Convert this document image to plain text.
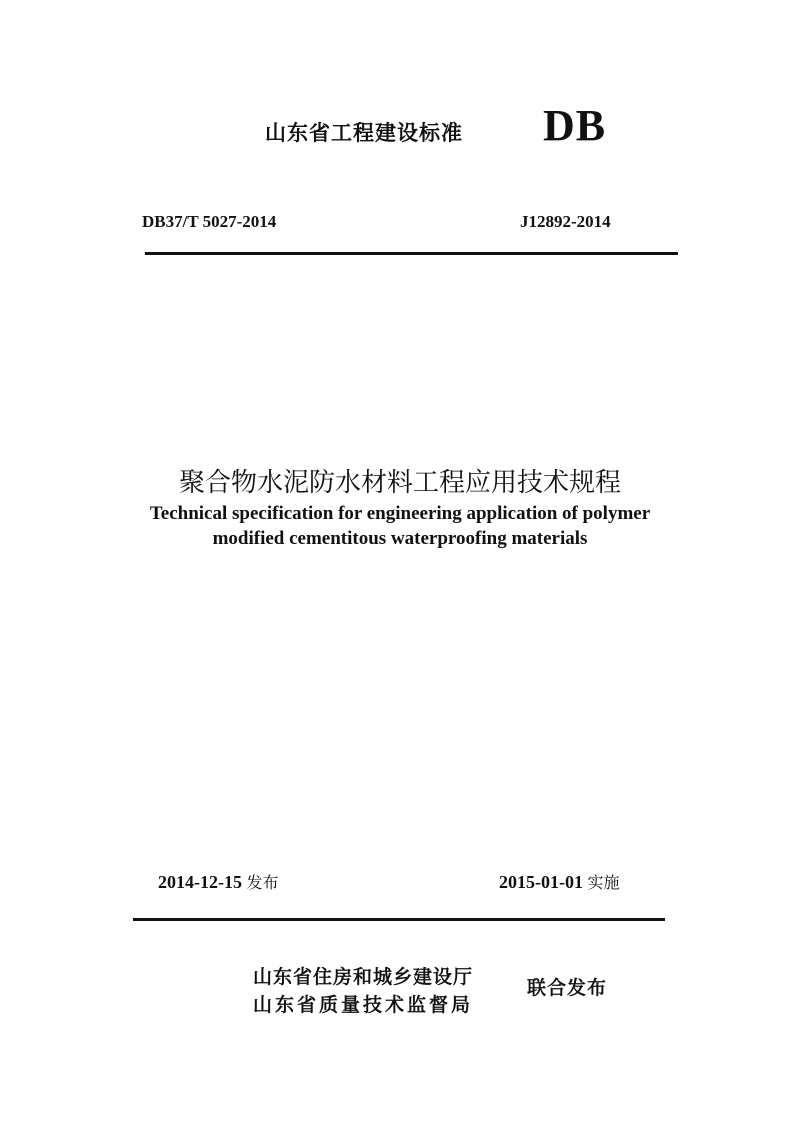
山东省工程建设标准 DB
DB37/T 5027-2014	J12892-2014
聚合物水泥防水材料工程应用技术规程
Technical specification for engineering application of polymer
modified cementitous waterproofing materials
2014-12-15 发布	2015-01-01 实施
山东省住房和城乡建设厅
山东省质量技术监督局
联合发布
